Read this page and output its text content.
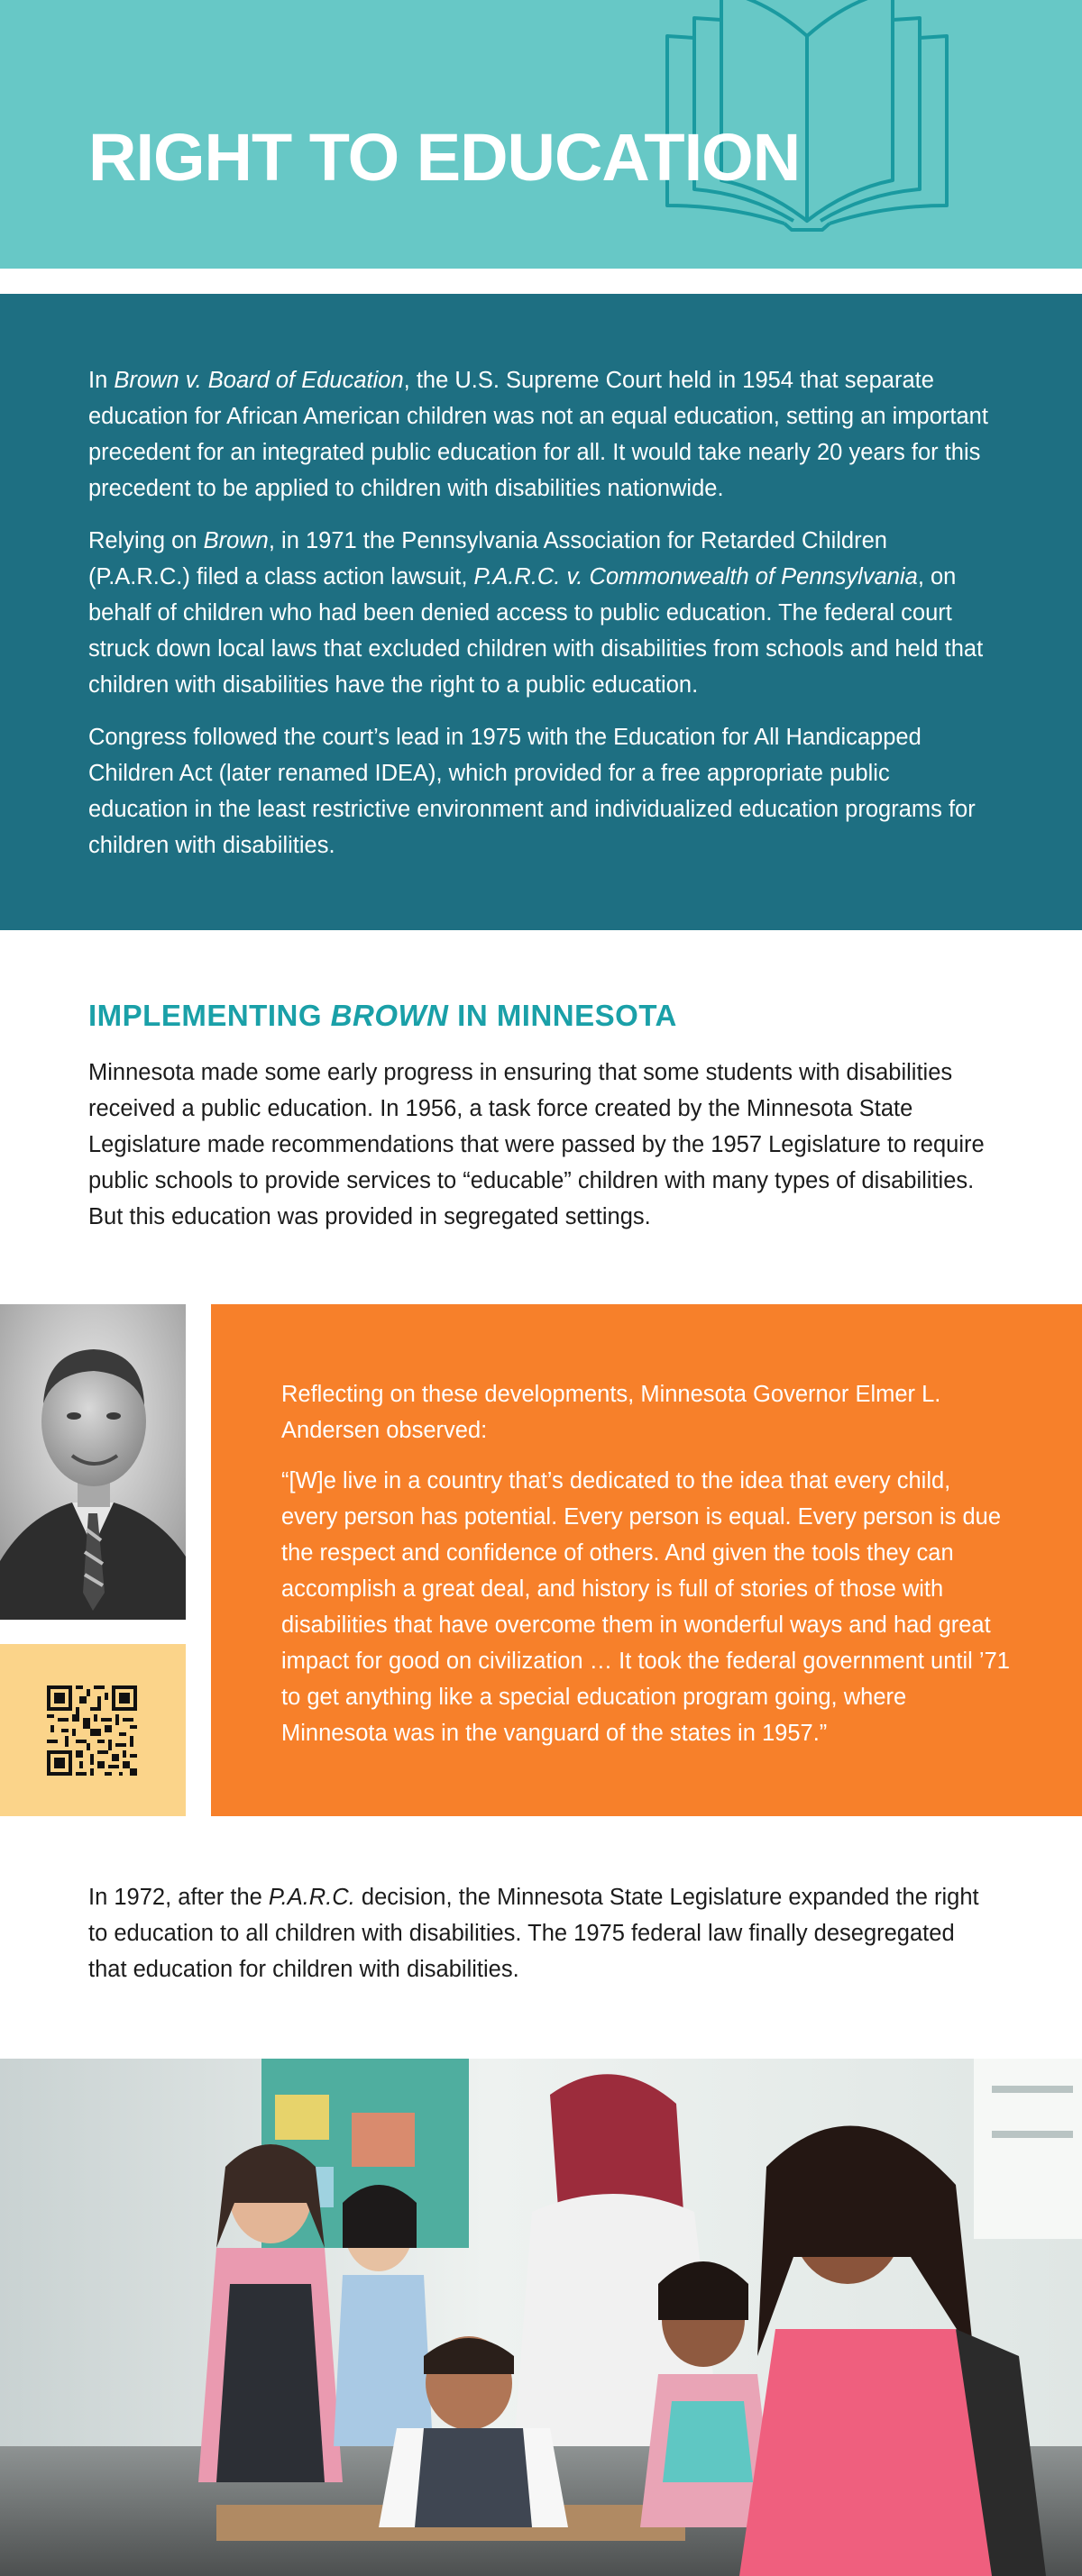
RIGHT TO EDUCATION

In Brown v. Board of Education, the U.S. Supreme Court held in 1954 that separate education for African American children was not an equal education, setting an important precedent for an integrated public education for all. It would take nearly 20 years for this precedent to be applied to children with disabilities nationwide.

Relying on Brown, in 1971 the Pennsylvania Association for Retarded Children (P.A.R.C.) filed a class action lawsuit, P.A.R.C. v. Commonwealth of Pennsylvania, on behalf of children who had been denied access to public education. The federal court struck down local laws that excluded children with disabilities from schools and held that children with disabilities have the right to a public education.

Congress followed the court’s lead in 1975 with the Education for All Handicapped Children Act (later renamed IDEA), which provided for a free appropriate public education in the least restrictive environment and individualized education programs for children with disabilities.

IMPLEMENTING BROWN IN MINNESOTA

Minnesota made some early progress in ensuring that some students with disabilities received a public education. In 1956, a task force created by the Minnesota State Legislature made recommendations that were passed by the 1957 Legislature to require public schools to provide services to “educable” children with many types of disabilities. But this education was provided in segregated settings.

Reflecting on these developments, Minnesota Governor Elmer L. Andersen observed:

“[W]e live in a country that’s dedicated to the idea that every child, every person has potential. Every person is equal. Every person is due the respect and confidence of others. And given the tools they can accomplish a great deal, and history is full of stories of those with disabilities that have overcome them in wonderful ways and had great impact for good on civilization … It took the federal government until ’71 to get anything like a special education program going, where Minnesota was in the vanguard of the states in 1957.”

In 1972, after the P.A.R.C. decision, the Minnesota State Legislature expanded the right to education to all children with disabilities. The 1975 federal law finally desegregated that education for children with disabilities.
